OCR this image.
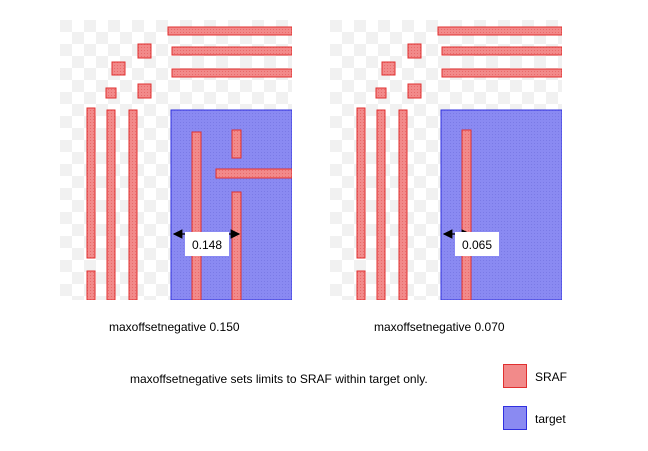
0.148	0.065
maxoffsetnegative 0.150	maxoffsetnegative 0.070
maxoffsetnegative sets limits to SRAF within target only.	SRAF
target
